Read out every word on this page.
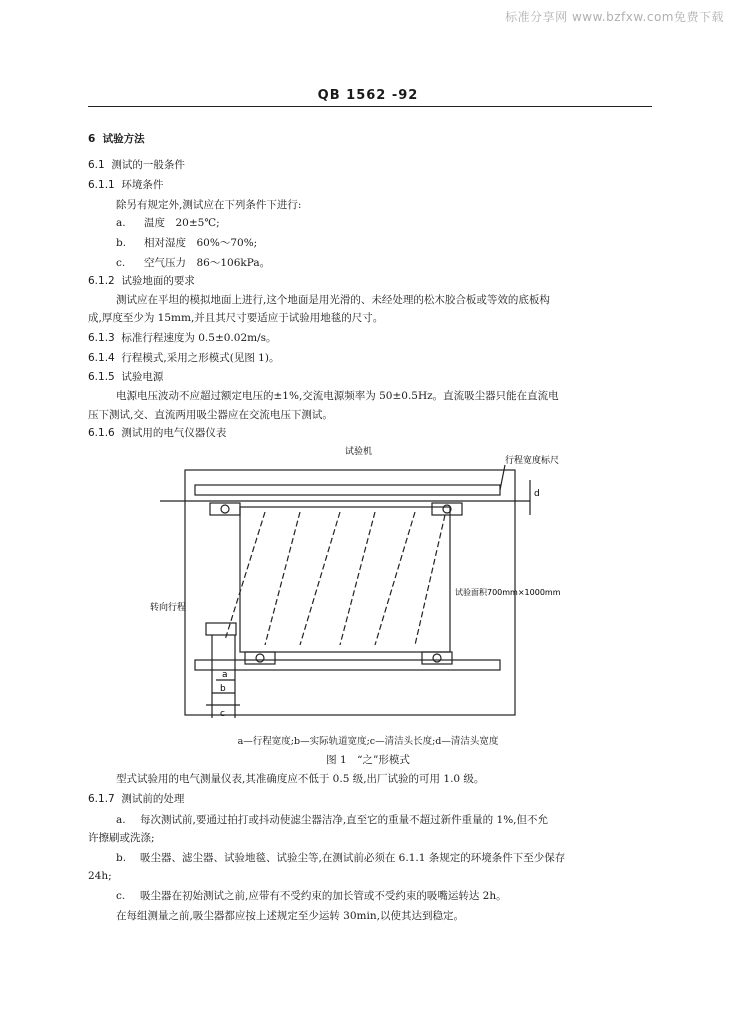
标准分享网 www.bzfxw.com免费下载
QB 1562 -92
6 试验方法
6.1 测试的一般条件
6.1.1 环境条件
除另有规定外,测试应在下列条件下进行:
a. 温度　20±5℃;
b. 相对湿度　60%～70%;
c. 空气压力　86～106kPa。
6.1.2 试验地面的要求
测试应在平坦的模拟地面上进行,这个地面是用光滑的、未经处理的松木胶合板或等效的底板构
成,厚度至少为 15mm,并且其尺寸要适应于试验用地毯的尺寸。
6.1.3 标准行程速度为 0.5±0.02m/s。
6.1.4 行程模式,采用之形模式(见图 1)。
6.1.5 试验电源
电源电压波动不应超过额定电压的±1%,交流电源频率为 50±0.5Hz。直流吸尘器只能在直流电
压下测试,交、直流两用吸尘器应在交流电压下测试。
6.1.6 测试用的电气仪器仪表
试验机
行程宽度标尺
试验面积700mm×1000mm
转向行程
a
b
c
d
a—行程宽度;b—实际轨道宽度;c—清洁头长度;d—清洁头宽度
图 1　“之”形模式
型式试验用的电气测量仪表,其准确度应不低于 0.5 级,出厂试验的可用 1.0 级。
6.1.7 测试前的处理
a. 每次测试前,要通过拍打或抖动使滤尘器洁净,直至它的重量不超过新件重量的 1%,但不允
许擦刷或洗涤;
b. 吸尘器、滤尘器、试验地毯、试验尘等,在测试前必须在 6.1.1 条规定的环境条件下至少保存
24h;
c. 吸尘器在初始测试之前,应带有不受约束的加长管或不受约束的吸嘴运转达 2h。
在每组测量之前,吸尘器都应按上述规定至少运转 30min,以使其达到稳定。
